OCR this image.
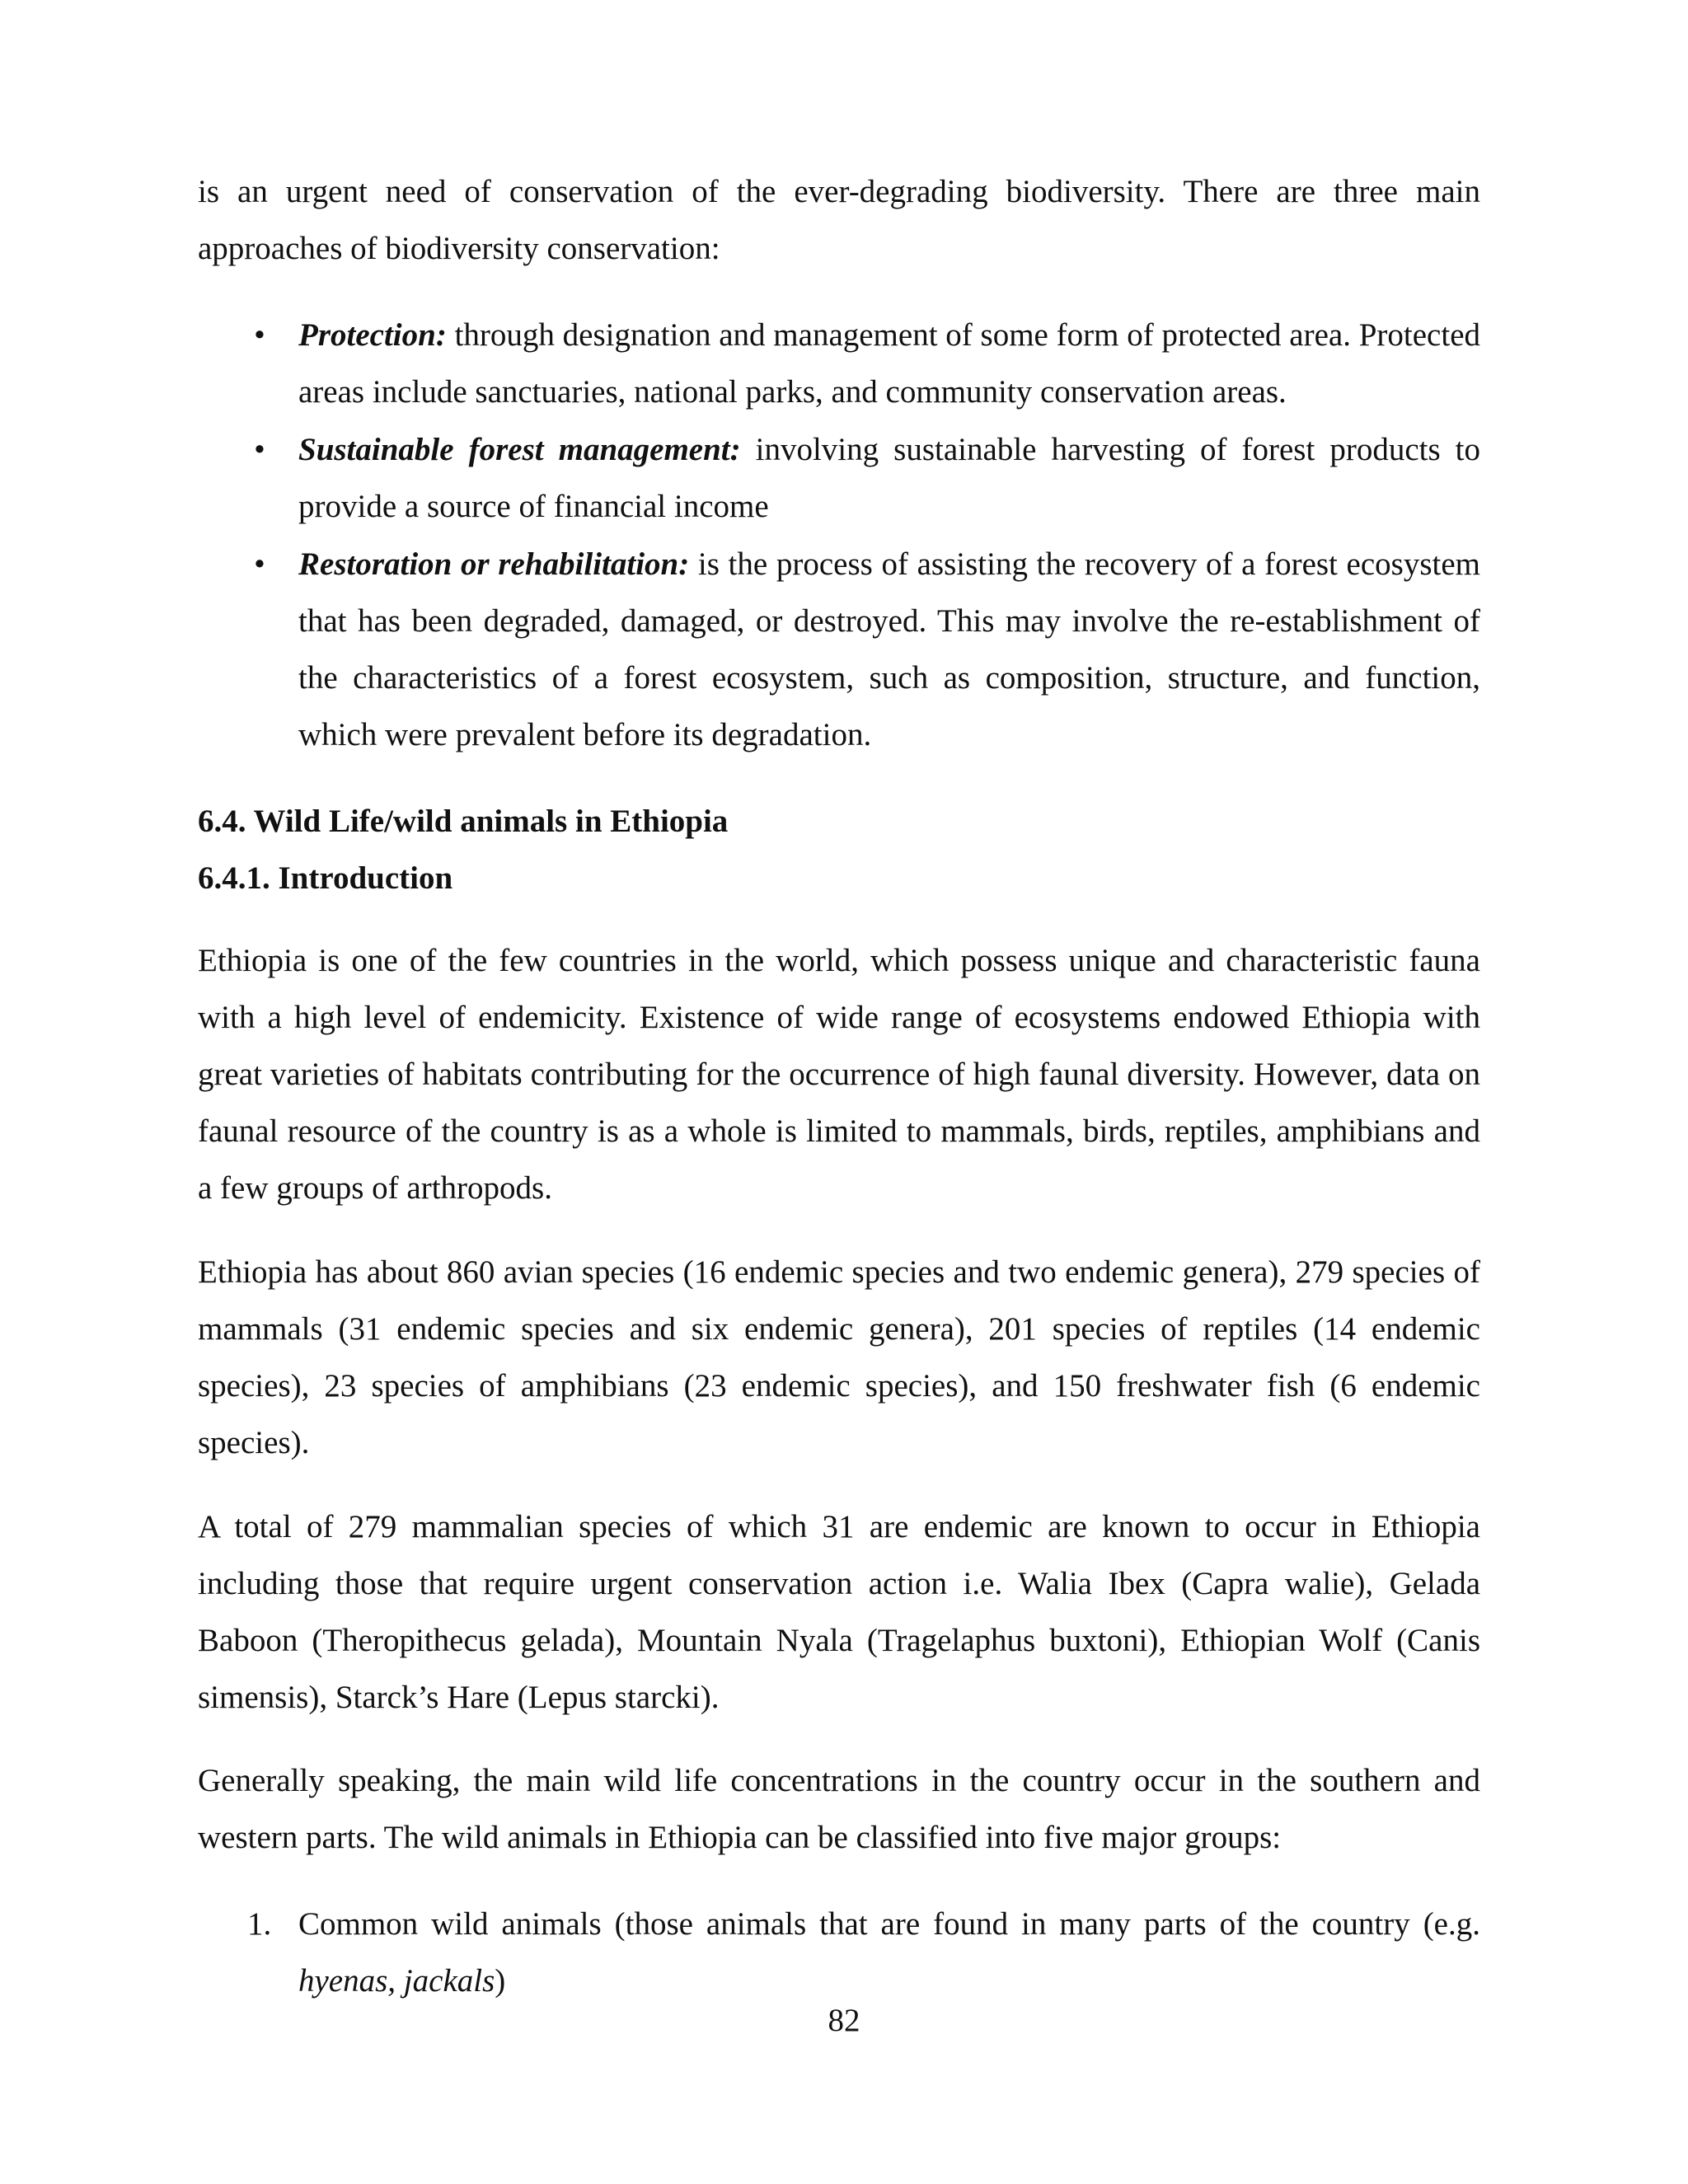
is an urgent need of conservation of the ever-degrading biodiversity. There are three main approaches of biodiversity conservation:

• Protection: through designation and management of some form of protected area. Protected areas include sanctuaries, national parks, and community conservation areas.
• Sustainable forest management: involving sustainable harvesting of forest products to provide a source of financial income
• Restoration or rehabilitation: is the process of assisting the recovery of a forest ecosystem that has been degraded, damaged, or destroyed. This may involve the re-establishment of the characteristics of a forest ecosystem, such as composition, structure, and function, which were prevalent before its degradation.
6.4. Wild Life/wild animals in Ethiopia
6.4.1. Introduction

Ethiopia is one of the few countries in the world, which possess unique and characteristic fauna with a high level of endemicity. Existence of wide range of ecosystems endowed Ethiopia with great varieties of habitats contributing for the occurrence of high faunal diversity. However, data on faunal resource of the country is as a whole is limited to mammals, birds, reptiles, amphibians and a few groups of arthropods.

Ethiopia has about 860 avian species (16 endemic species and two endemic genera), 279 species of mammals (31 endemic species and six endemic genera), 201 species of reptiles (14 endemic species), 23 species of amphibians (23 endemic species), and 150 freshwater fish (6 endemic species).

A total of 279 mammalian species of which 31 are endemic are known to occur in Ethiopia including those that require urgent conservation action i.e. Walia Ibex (Capra walie), Gelada Baboon (Theropithecus gelada), Mountain Nyala (Tragelaphus buxtoni), Ethiopian Wolf (Canis simensis), Starck’s Hare (Lepus starcki).

Generally speaking, the main wild life concentrations in the country occur in the southern and western parts. The wild animals in Ethiopia can be classified into five major groups:

1. Common wild animals (those animals that are found in many parts of the country (e.g. hyenas, jackals)
82
